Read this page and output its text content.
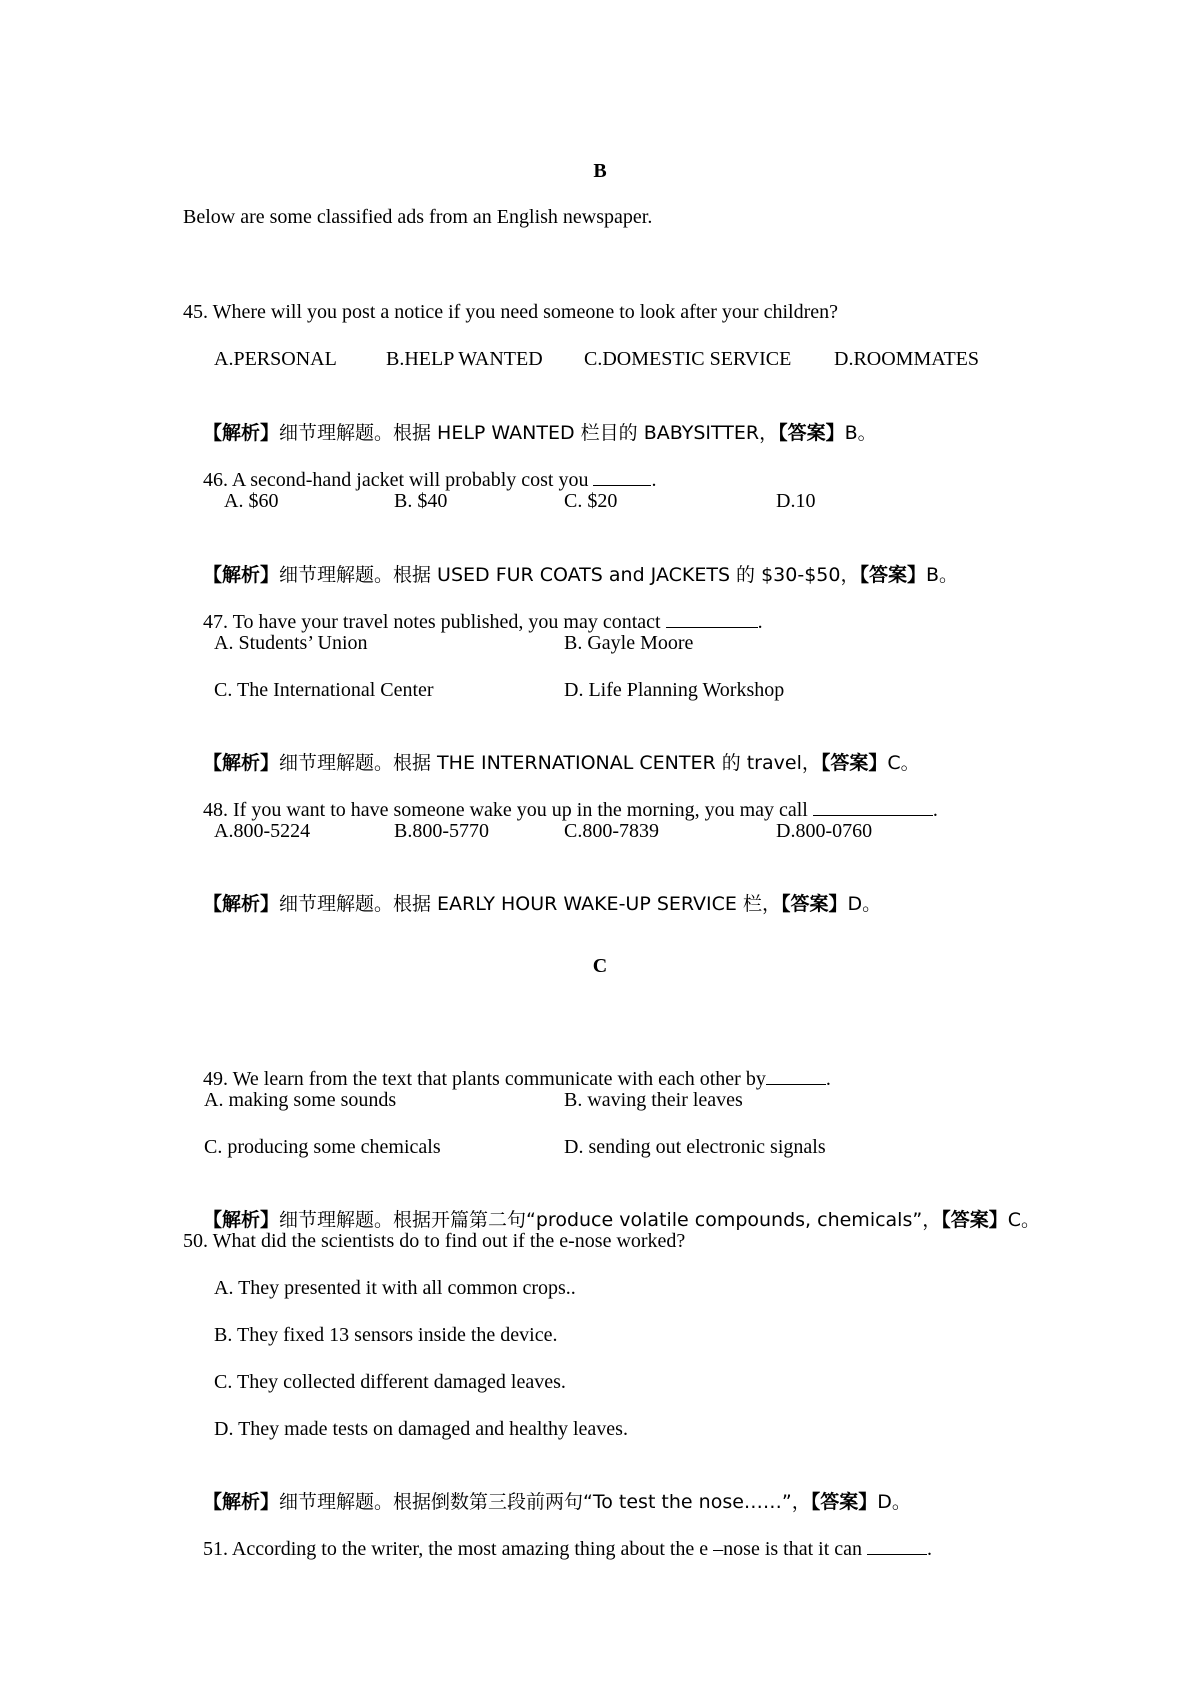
B
Below are some classified ads from an English newspaper.
45. Where will you post a notice if you need someone to look after your children?
A.PERSONAL B.HELP WANTED C.DOMESTIC SERVICE D.ROOMMATES

【解析】细节理解题。根据 HELP WANTED 栏目的 BABYSITTER，【答案】B。

46. A second-hand jacket will probably cost you	.

A. $60	B. $40	C. $20	D.10

【解析】细节理解题。根据 USED FUR COATS and JACKETS 的 $30-$50，【答案】B。

47. To have your travel notes published, you may contact	.

A. Students’ Union	B. Gayle Moore
C. The International Center	D. Life Planning Workshop

【解析】细节理解题。根据 THE INTERNATIONAL CENTER 的 travel，【答案】C。

48. If you want to have someone wake you up in the morning, you may call	.

A.800-5224	B.800-5770	C.800-7839	D.800-0760

【解析】细节理解题。根据 EARLY HOUR WAKE-UP SERVICE 栏，【答案】D。

C

49. We learn from the text that plants communicate with each other by	.

A. making some sounds	B. waving their leaves
C. producing some chemicals	D. sending out electronic signals

【解析】细节理解题。根据开篇第二句“produce volatile compounds, chemicals”，【答案】C。

50. What did the scientists do to find out if the e-nose worked?
A. They presented it with all common crops..
B. They fixed 13 sensors inside the device.
C. They collected different damaged leaves.
D. They made tests on damaged and healthy leaves.

【解析】细节理解题。根据倒数第三段前两句“To test the nose……”，【答案】D。

51. According to the writer, the most amazing thing about the e –nose is that it can	.
